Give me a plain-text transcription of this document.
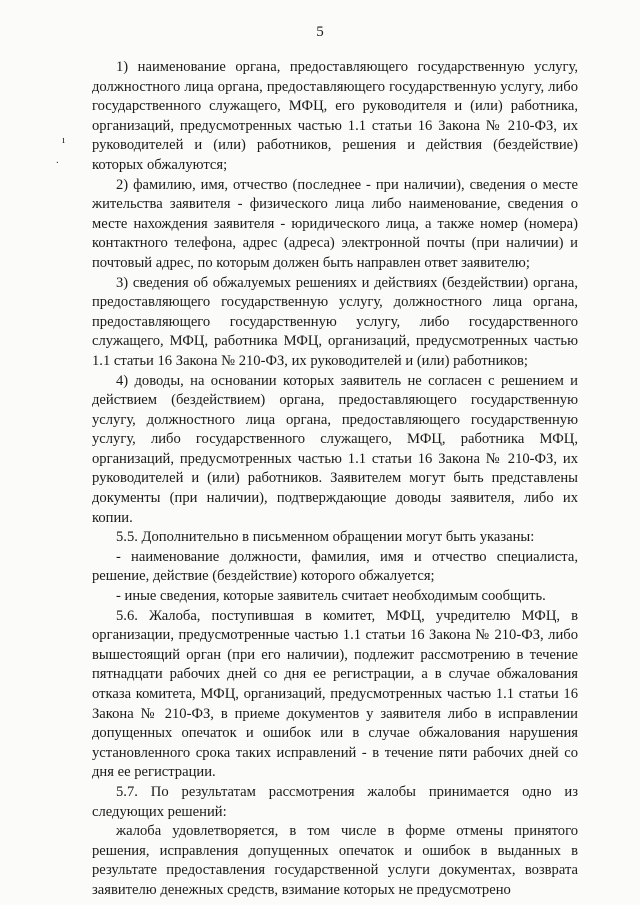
5
ı
.

1) наименование органа, предоставляющего государственную услугу, должностного лица органа, предоставляющего государственную услугу, либо государственного служащего, МФЦ, его руководителя и (или) работника, организаций, предусмотренных частью 1.1 статьи 16 Закона № 210-ФЗ, их руководителей и (или) работников, решения и действия (бездействие) которых обжалуются;

2) фамилию, имя, отчество (последнее - при наличии), сведения о месте жительства заявителя - физического лица либо наименование, сведения о месте нахождения заявителя - юридического лица, а также номер (номера) контактного телефона, адрес (адреса) электронной почты (при наличии) и почтовый адрес, по которым должен быть направлен ответ заявителю;

3) сведения об обжалуемых решениях и действиях (бездействии) органа, предоставляющего государственную услугу, должностного лица органа, предоставляющего государственную услугу, либо государственного служащего, МФЦ, работника МФЦ, организаций, предусмотренных частью 1.1 статьи 16 Закона № 210-ФЗ, их руководителей и (или) работников;

4) доводы, на основании которых заявитель не согласен с решением и действием (бездействием) органа, предоставляющего государственную услугу, должностного лица органа, предоставляющего государственную услугу, либо государственного служащего, МФЦ, работника МФЦ, организаций, предусмотренных частью 1.1 статьи 16 Закона № 210-ФЗ, их руководителей и (или) работников. Заявителем могут быть представлены документы (при наличии), подтверждающие доводы заявителя, либо их копии.

5.5. Дополнительно в письменном обращении могут быть указаны:

- наименование должности, фамилия, имя и отчество специалиста, решение, действие (бездействие) которого обжалуется;

- иные сведения, которые заявитель считает необходимым сообщить.

5.6. Жалоба, поступившая в комитет, МФЦ, учредителю МФЦ, в организации, предусмотренные частью 1.1 статьи 16 Закона № 210-ФЗ, либо вышестоящий орган (при его наличии), подлежит рассмотрению в течение пятнадцати рабочих дней со дня ее регистрации, а в случае обжалования отказа комитета, МФЦ, организаций, предусмотренных частью 1.1 статьи 16 Закона № 210-ФЗ, в приеме документов у заявителя либо в исправлении допущенных опечаток и ошибок или в случае обжалования нарушения установленного срока таких исправлений - в течение пяти рабочих дней со дня ее регистрации.

5.7. По результатам рассмотрения жалобы принимается одно из следующих решений:

жалоба удовлетворяется, в том числе в форме отмены принятого решения, исправления допущенных опечаток и ошибок в выданных в результате предоставления государственной услуги документах, возврата заявителю денежных средств, взимание которых не предусмотрено
